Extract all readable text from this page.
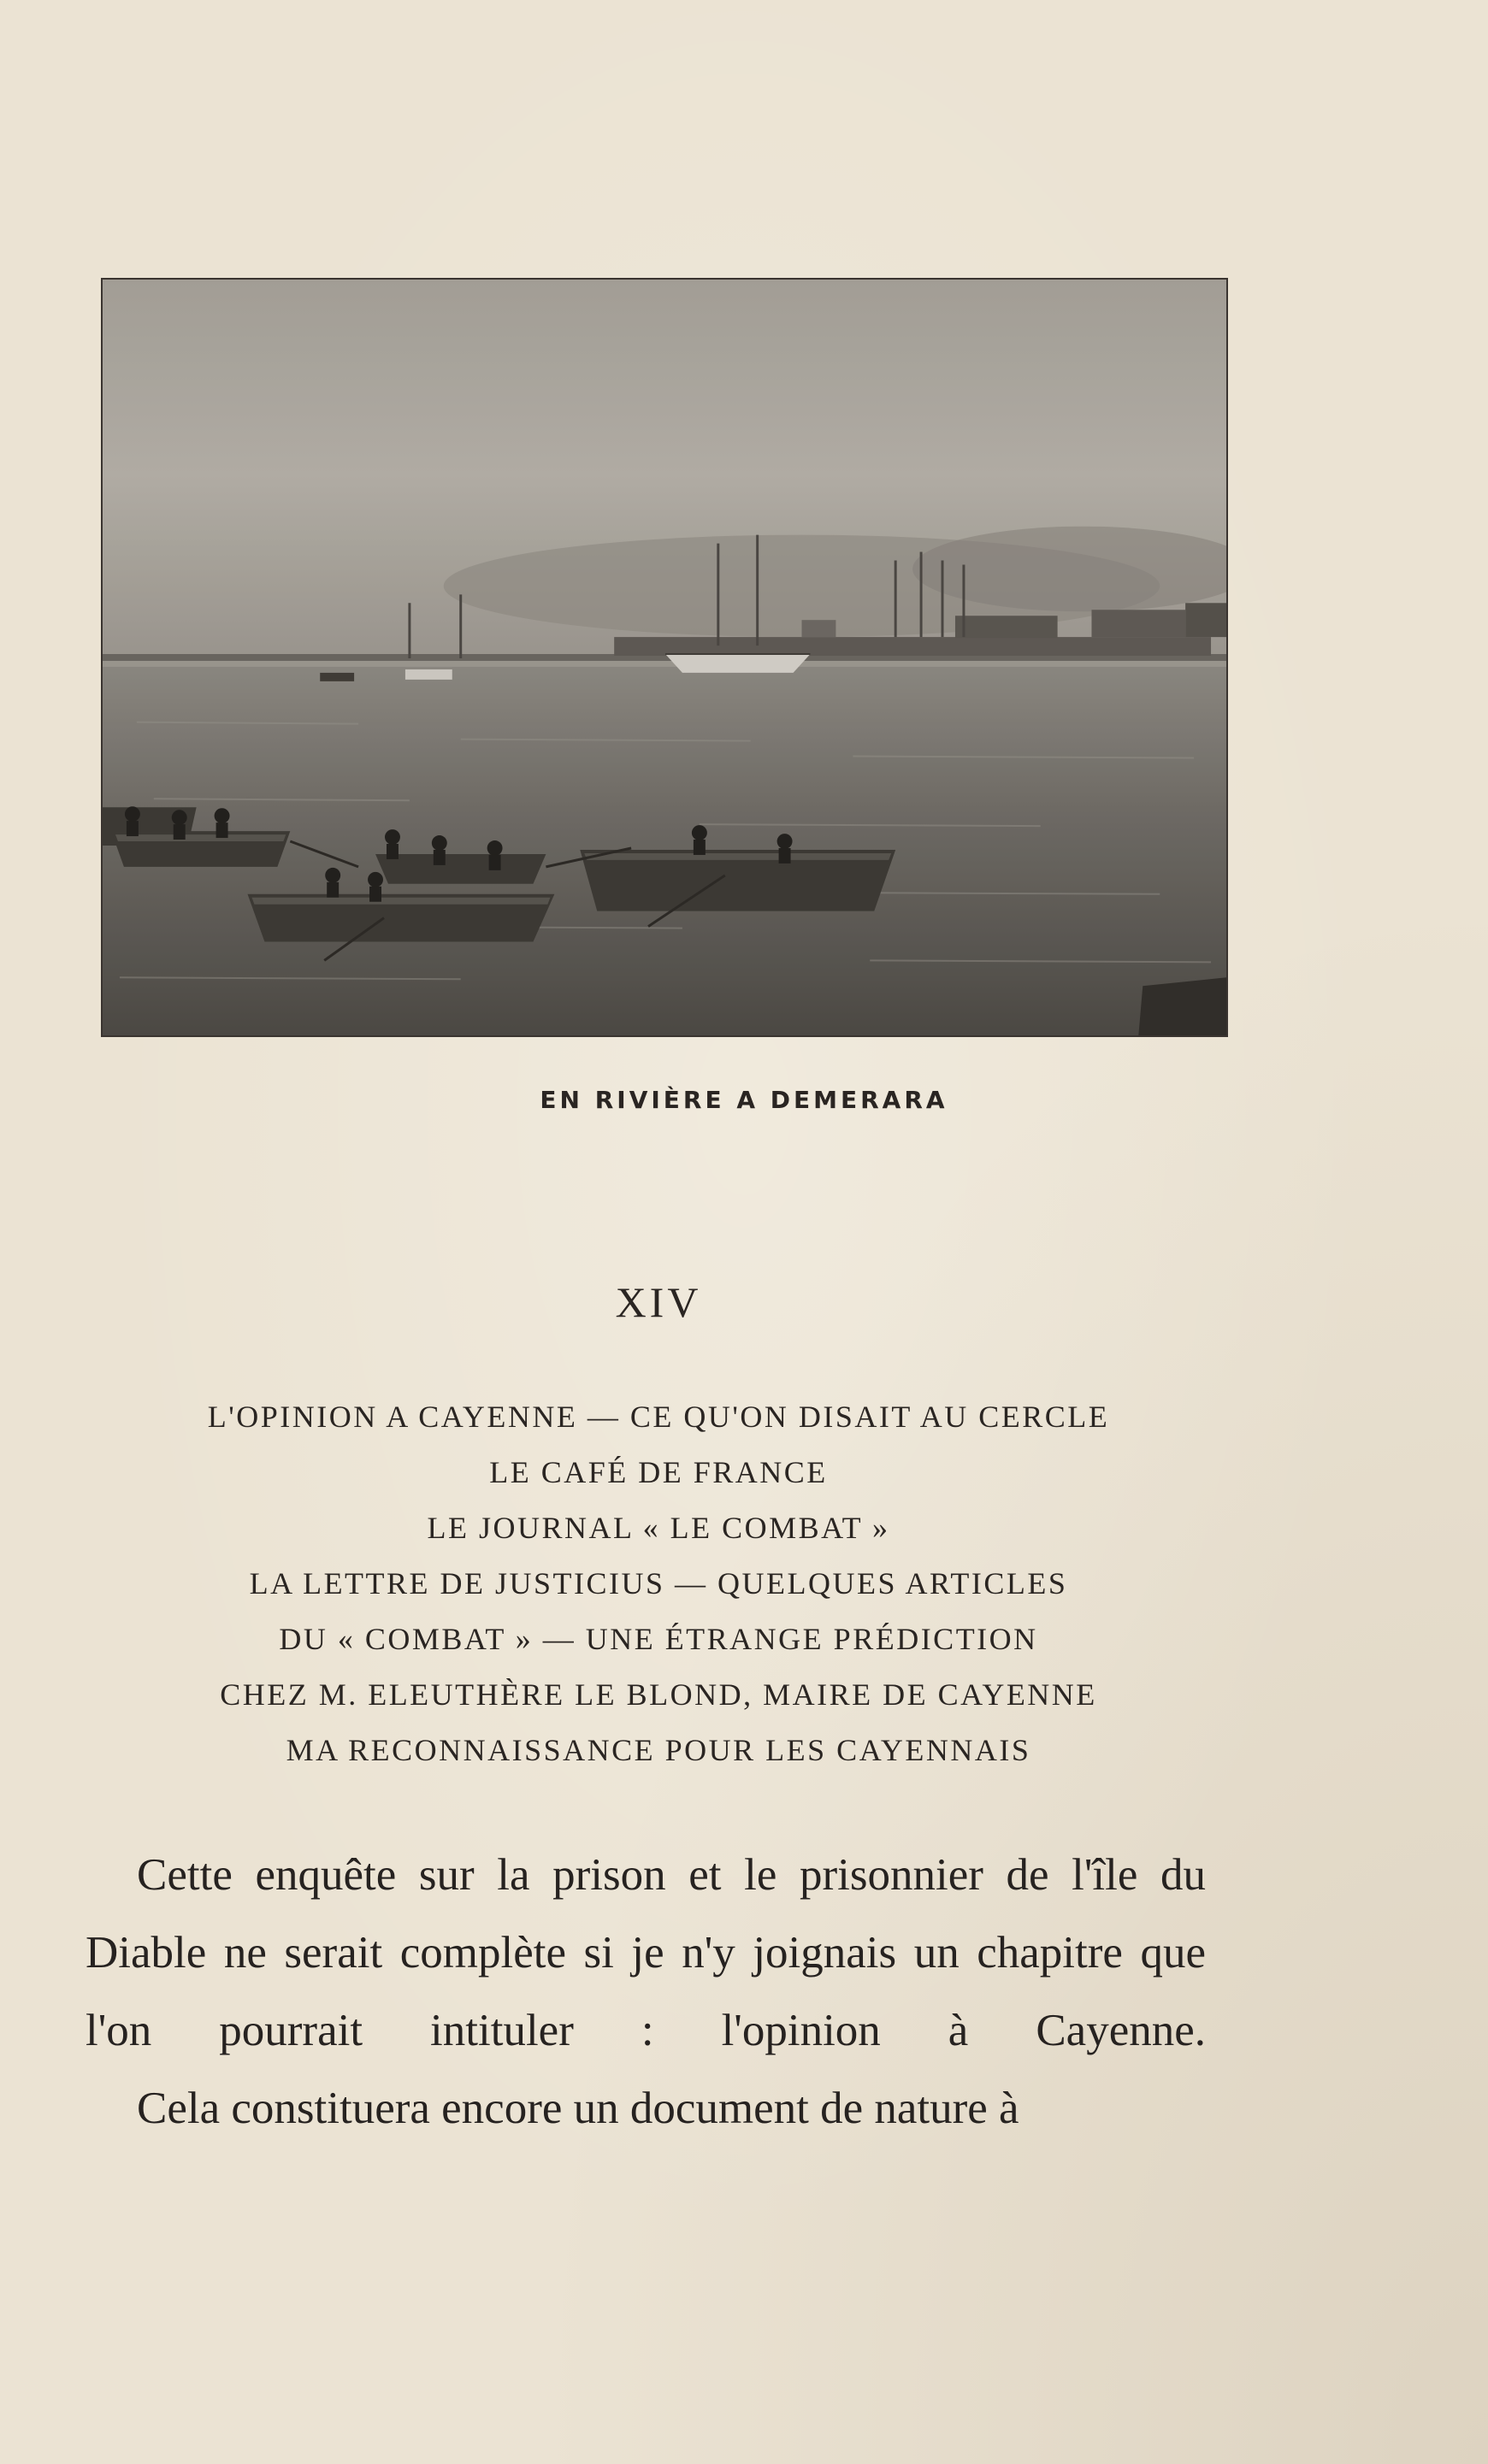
EN RIVIÈRE A DEMERARA
XIV
L'OPINION A CAYENNE — CE QU'ON DISAIT AU CERCLE
LE CAFÉ DE FRANCE
LE JOURNAL « LE COMBAT »
LA LETTRE DE JUSTICIUS — QUELQUES ARTICLES
DU « COMBAT » — UNE ÉTRANGE PRÉDICTION
CHEZ M. ELEUTHÈRE LE BLOND, MAIRE DE CAYENNE
MA RECONNAISSANCE POUR LES CAYENNAIS

Cette enquête sur la prison et le prisonnier de l'île du Diable ne serait complète si je n'y joignais un chapitre que l'on pourrait intituler : l'opinion à Cayenne.

Cela constituera encore un document de nature à
